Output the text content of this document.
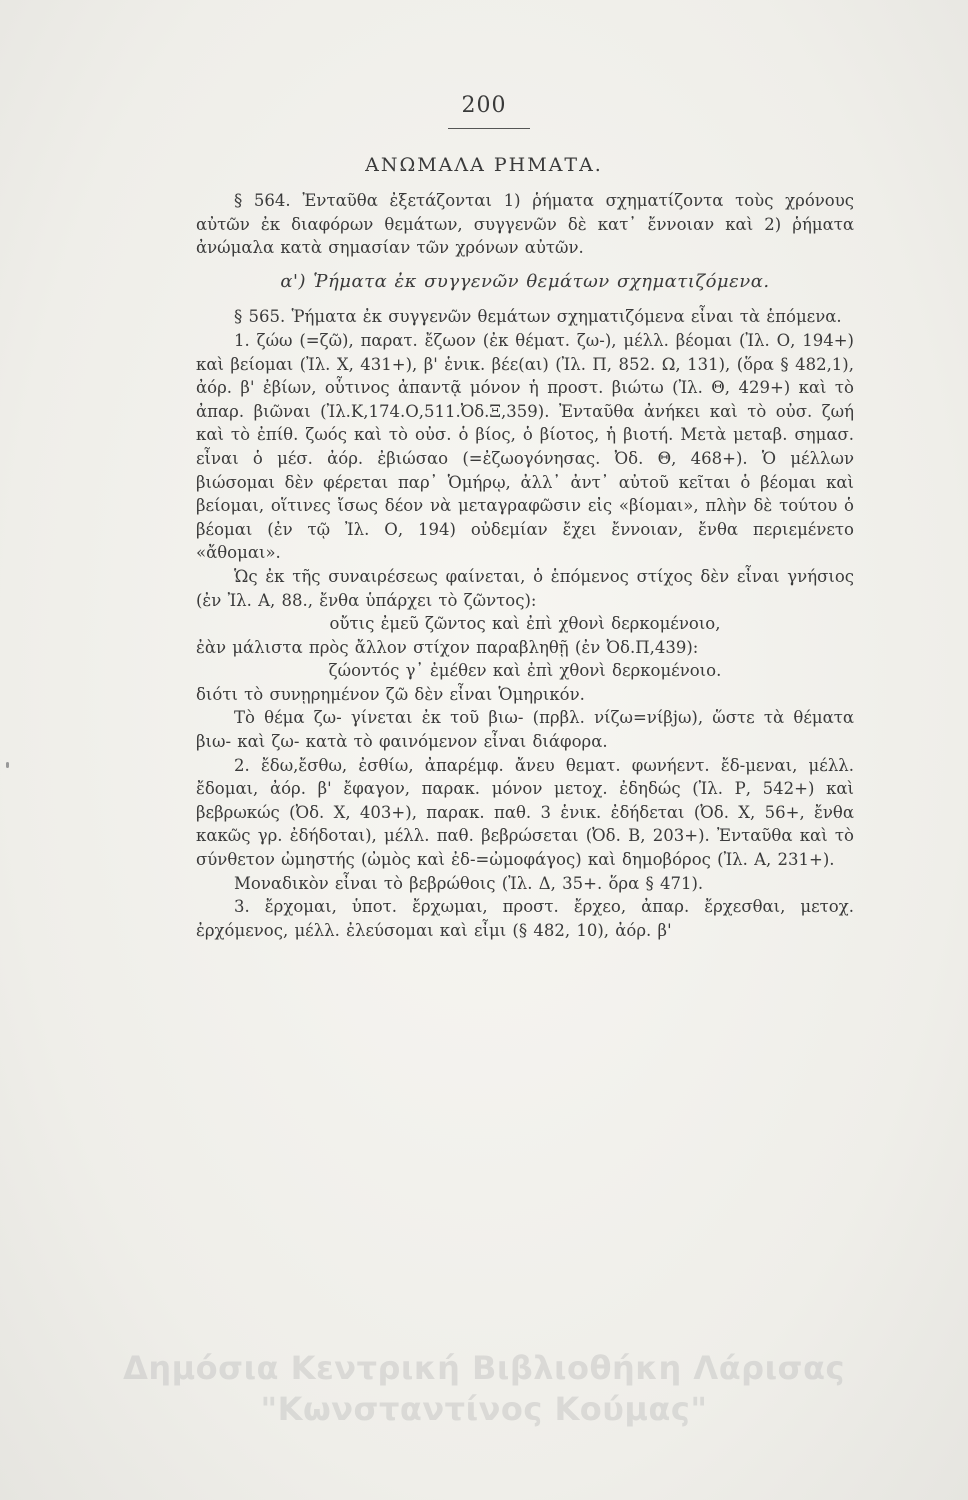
200
ΑΝΩΜΑΛΑ ΡΗΜΑΤΑ.

§ 564. Ἐνταῦθα ἐξετάζονται 1) ῥήματα σχηματίζοντα τοὺς χρόνους αὐτῶν ἐκ διαφόρων θεμάτων, συγγενῶν δὲ κατ᾽ ἔννοιαν καὶ 2) ῥήματα ἀνώμαλα κατὰ σημασίαν τῶν χρόνων αὐτῶν.

α') Ῥήματα ἐκ συγγενῶν θεμάτων σχηματιζόμενα.

§ 565. Ῥήματα ἐκ συγγενῶν θεμάτων σχηματιζόμενα εἶναι τὰ ἑπόμενα.

1. ζώω (=ζῶ), παρατ. ἔζωον (ἐκ θέματ. ζω-), μέλλ. βέομαι (Ἰλ. Ο, 194+) καὶ βείομαι (Ἰλ. Χ, 431+), β' ἑνικ. βέε(αι) (Ἰλ. Π, 852. Ω, 131), (ὅρα § 482,1), ἀόρ. β' ἐβίων, οὗτινος ἀπαντᾷ μόνον ἡ προστ. βιώτω (Ἰλ. Θ, 429+) καὶ τὸ ἀπαρ. βιῶναι (Ἰλ.Κ,174.Ο,511.Ὀδ.Ξ,359). Ἐνταῦθα ἀνήκει καὶ τὸ οὐσ. ζωή καὶ τὸ ἐπίθ. ζωός καὶ τὸ οὐσ. ὁ βίος, ὁ βίοτος, ἡ βιοτή. Μετὰ μεταβ. σημασ. εἶναι ὁ μέσ. ἀόρ. ἐβιώσαο (=ἐζωογόνησας. Ὀδ. Θ, 468+). Ὁ μέλλων βιώσομαι δὲν φέρεται παρ᾽ Ὁμήρῳ, ἀλλ᾽ ἀντ᾽ αὐτοῦ κεῖται ὁ βέομαι καὶ βείομαι, οἵτινες ἴσως δέον νὰ μεταγραφῶσιν εἰς «βίομαι», πλὴν δὲ τούτου ὁ βέομαι (ἐν τῷ Ἰλ. Ο, 194) οὐδεμίαν ἔχει ἔννοιαν, ἔνθα περιεμένετο «ἄθομαι».

Ὡς ἐκ τῆς συναιρέσεως φαίνεται, ὁ ἑπόμενος στίχος δὲν εἶναι γνήσιος (ἐν Ἰλ. Α, 88., ἔνθα ὑπάρχει τὸ ζῶντος):

οὔτις ἐμεῦ ζῶντος καὶ ἐπὶ χθονὶ δερκομένοιο,

ἐὰν μάλιστα πρὸς ἄλλον στίχον παραβληθῇ (ἐν Ὀδ.Π,439):

ζώοντός γ᾽ ἐμέθεν καὶ ἐπὶ χθονὶ δερκομένοιο.

διότι τὸ συνῃρημένον ζῶ δὲν εἶναι Ὁμηρικόν.

Τὸ θέμα ζω- γίνεται ἐκ τοῦ βιω- (πρβλ. νίζω=νίβjω), ὥστε τὰ θέματα βιω- καὶ ζω- κατὰ τὸ φαινόμενον εἶναι διάφορα.

2. ἔδω,ἔσθω, ἐσθίω, ἀπαρέμφ. ἄνευ θεματ. φωνήεντ. ἔδ-μεναι, μέλλ. ἔδομαι, ἀόρ. β' ἔφαγον, παρακ. μόνον μετοχ. ἐδηδώς (Ἰλ. Ρ, 542+) καὶ βεβρωκώς (Ὀδ. Χ, 403+), παρακ. παθ. 3 ἑνικ. ἐδήδεται (Ὀδ. Χ, 56+, ἔνθα κακῶς γρ. ἐδήδοται), μέλλ. παθ. βεβρώσεται (Ὀδ. Β, 203+). Ἐνταῦθα καὶ τὸ σύνθετον ὠμηστής (ὠμὸς καὶ ἐδ-=ὠμοφάγος) καὶ δημοβόρος (Ἰλ. Α, 231+).

Μοναδικὸν εἶναι τὸ βεβρώθοις (Ἰλ. Δ, 35+. ὅρα § 471).

3. ἔρχομαι, ὑποτ. ἔρχωμαι, προστ. ἔρχεο, ἀπαρ. ἔρχεσθαι, μετοχ. ἐρχόμενος, μέλλ. ἐλεύσομαι καὶ εἶμι (§ 482, 10), ἀόρ. β'

Δημόσια Κεντρική Βιβλιοθήκη Λάρισας
"Κωνσταντίνος Κούμας"
